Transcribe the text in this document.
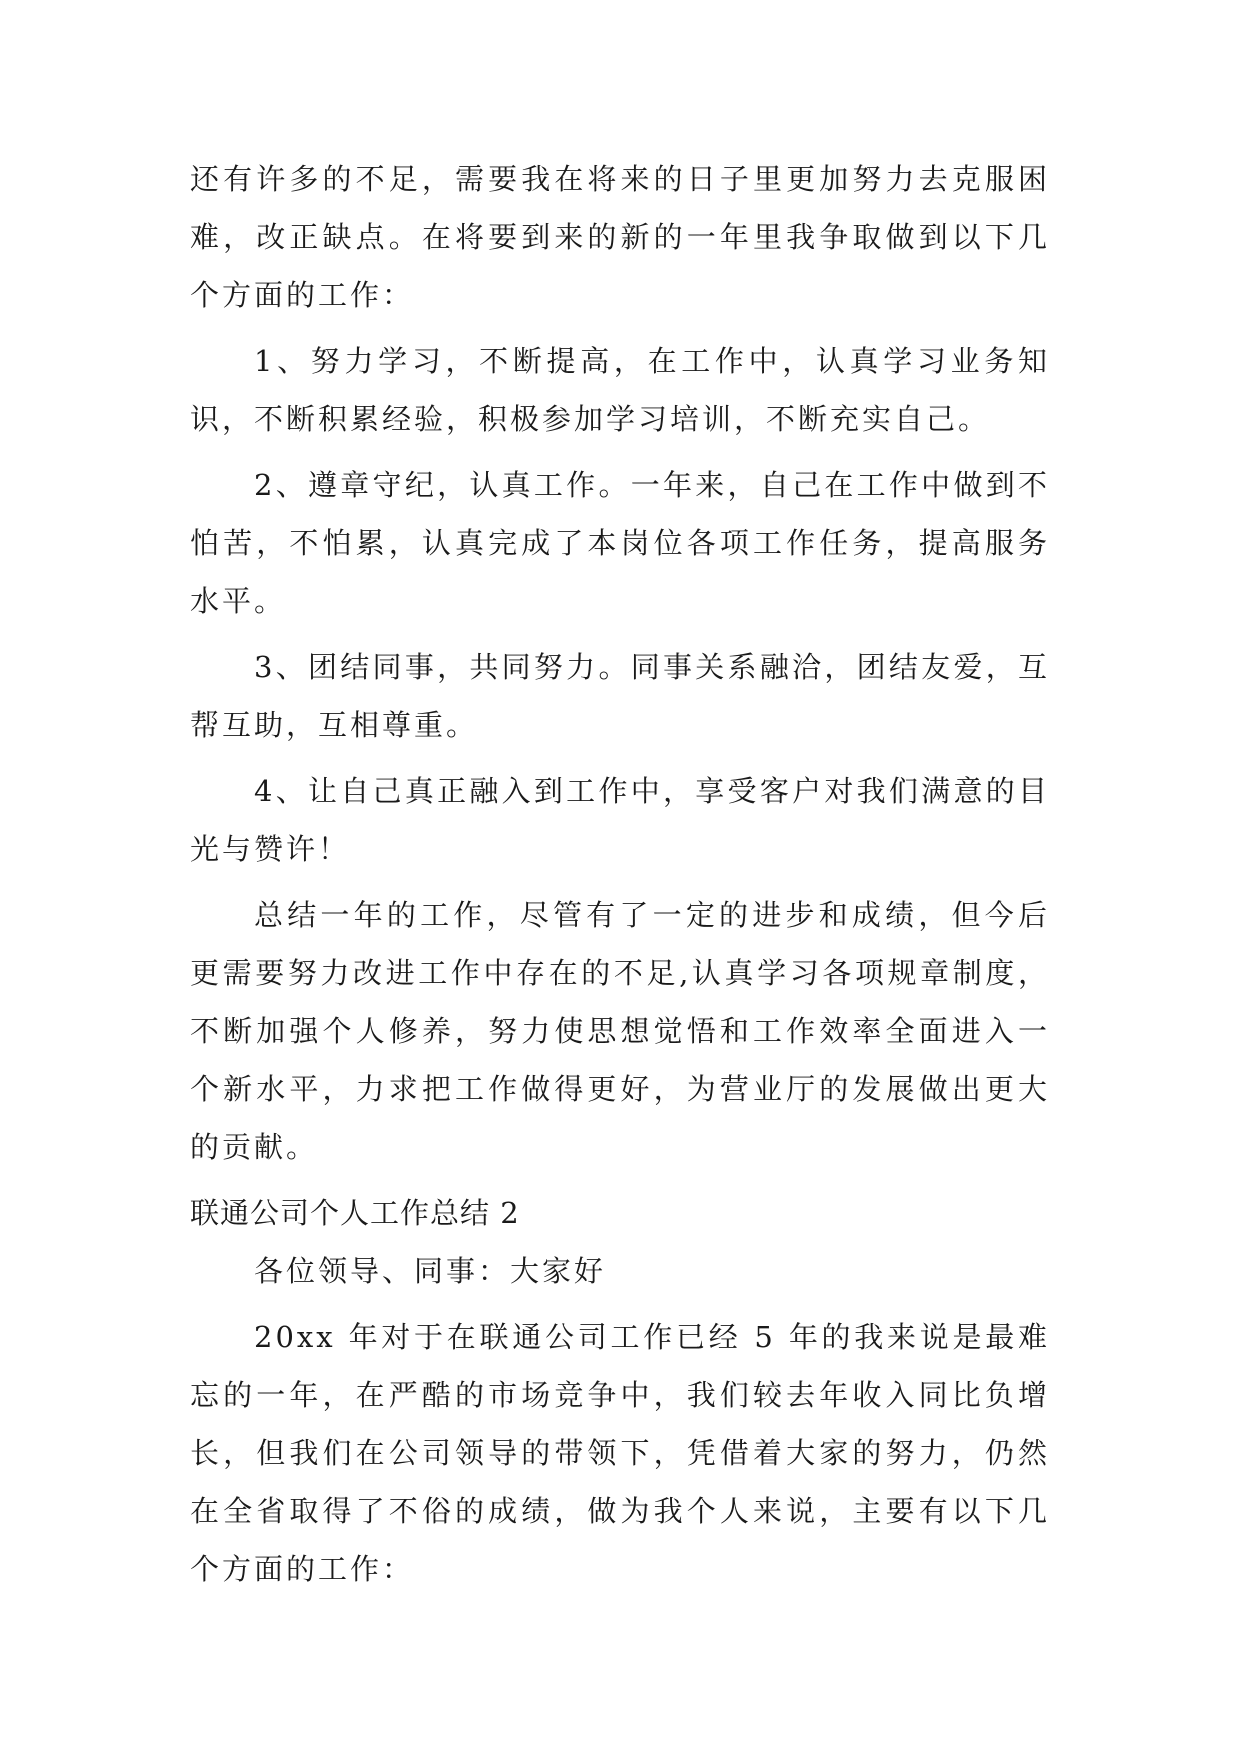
还有许多的不足，需要我在将来的日子里更加努力去克服困难，改正缺点。在将要到来的新的一年里我争取做到以下几个方面的工作：

1、努力学习，不断提高，在工作中，认真学习业务知识，不断积累经验，积极参加学习培训，不断充实自己。

2、遵章守纪，认真工作。一年来，自己在工作中做到不怕苦，不怕累，认真完成了本岗位各项工作任务，提高服务水平。

3、团结同事，共同努力。同事关系融洽，团结友爱，互帮互助，互相尊重。

4、让自己真正融入到工作中，享受客户对我们满意的目光与赞许！

总结一年的工作，尽管有了一定的进步和成绩，但今后更需要努力改进工作中存在的不足,认真学习各项规章制度，不断加强个人修养，努力使思想觉悟和工作效率全面进入一个新水平，力求把工作做得更好，为营业厅的发展做出更大的贡献。

联通公司个人工作总结 2

各位领导、同事：大家好

20xx 年对于在联通公司工作已经 5 年的我来说是最难忘的一年，在严酷的市场竞争中，我们较去年收入同比负增长，但我们在公司领导的带领下，凭借着大家的努力，仍然在全省取得了不俗的成绩，做为我个人来说，主要有以下几个方面的工作：
